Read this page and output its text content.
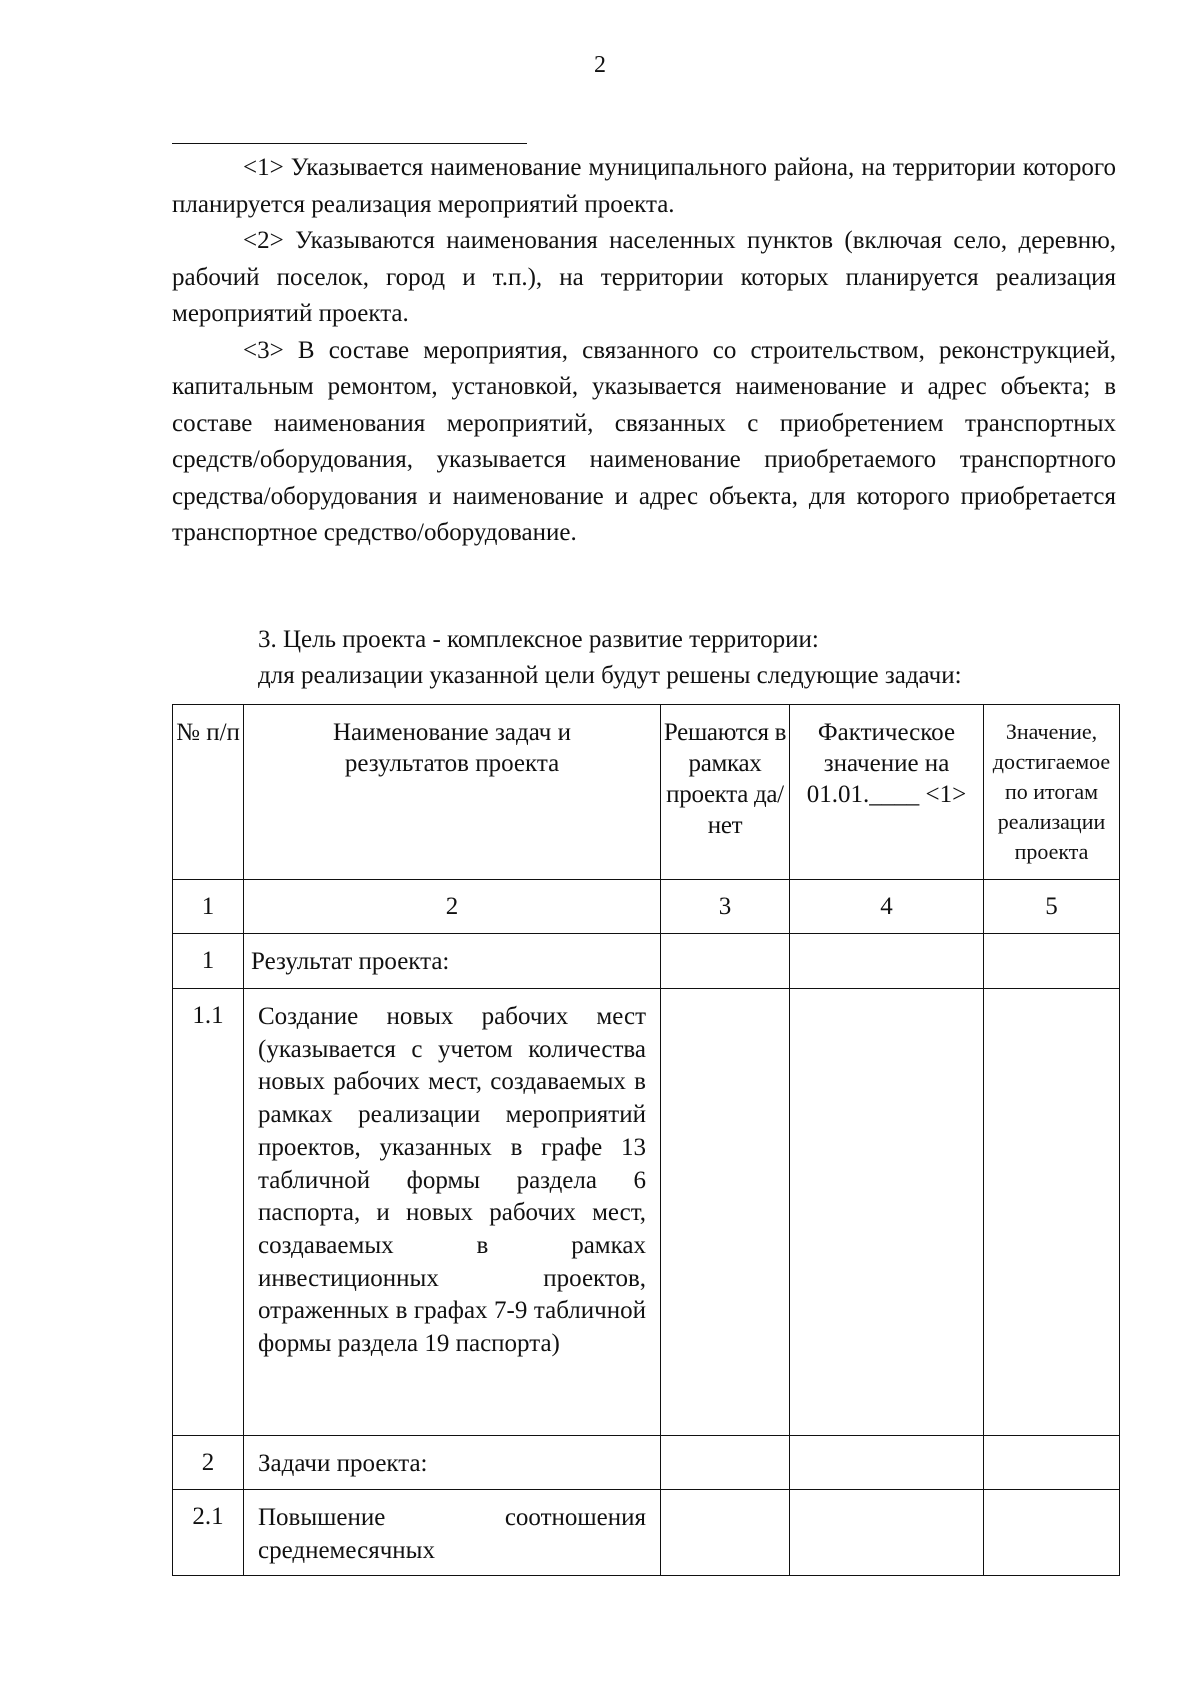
2

<1> Указывается наименование муниципального района, на территории которого планируется реализация мероприятий проекта.

<2> Указываются наименования населенных пунктов (включая село, деревню, рабочий поселок, город и т.п.), на территории которых планируется реализация мероприятий проекта.

<3> В составе мероприятия, связанного со строительством, реконструкцией, капитальным ремонтом, установкой, указывается наименование и адрес объекта; в составе наименования мероприятий, связанных с приобретением транспортных средств/оборудования, указывается наименование приобретаемого транспортного средства/оборудования и наименование и адрес объекта, для которого приобретается транспортное средство/оборудование.

3. Цель проекта - комплексное развитие территории:

для реализации указанной цели будут решены следующие задачи:

№ п/п	Наименование задач и результатов проекта	Решаются в рамках проекта да/нет	Фактическое значение на 01.01.____ <1>	Значение, достигаемое по итогам реализации проекта

1	2	3	4	5
1	Результат проекта:			
1.1	Создание новых рабочих мест (указывается с учетом количества новых рабочих мест, создаваемых в рамках реализации мероприятий проектов, указанных в графе 13 табличной формы раздела 6 паспорта, и новых рабочих мест, создаваемых в рамках инвестиционных проектов, отраженных в графах 7-9 табличной формы раздела 19 паспорта)			
2	Задачи проекта:			
2.1	Повышение соотношения среднемесячных			
